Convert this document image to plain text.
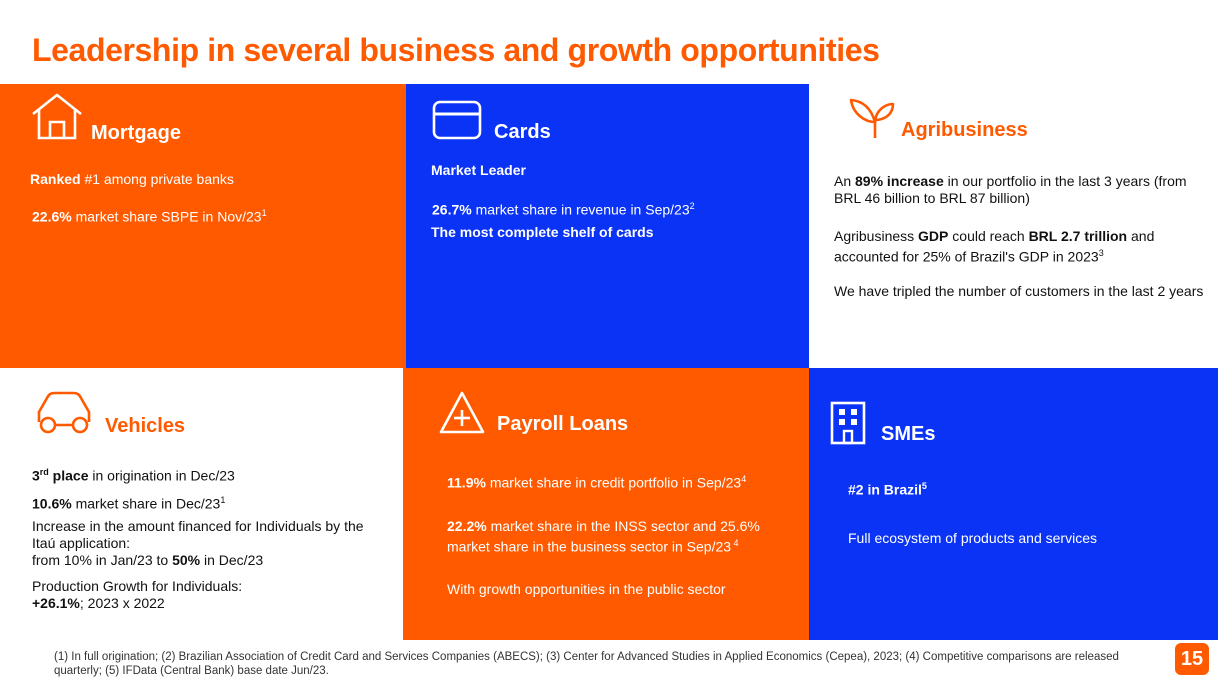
Leadership in several business and growth opportunities
Mortgage

Ranked #1 among private banks

22.6% market share SBPE in Nov/$23^1$

Cards

Market Leader

26.7% market share in revenue in Sep/$23^2$

The most complete shelf of cards

Agribusiness

An 89% increase in our portfolio in the last 3 years (from BRL 46 billion to BRL 87 billion)

Agribusiness GDP could reach BRL 2.7 trillion and accounted for 25% of Brazil's GDP in 2023$^3$

We have tripled the number of customers in the last 2 years

Vehicles

3rd place in origination in Dec/23

10.6% market share in Dec/$23^1$

Increase in the amount financed for Individuals by the Itaú application:
from 10% in Jan/23 to 50% in Dec/23

Production Growth for Individuals:
+26.1%; 2023 x 2022

Payroll Loans

11.9% market share in credit portfolio in Sep/$23^4$

22.2% market share in the INSS sector and 25.6% market share in the business sector in Sep/23 $^4$

With growth opportunities in the public sector

SMEs

#2 in Brazil$^5$

Full ecosystem of products and services

(1) In full origination; (2) Brazilian Association of Credit Card and Services Companies (ABECS); (3) Center for Advanced Studies in Applied Economics (Cepea), 2023; (4) Competitive comparisons are released quarterly; (5) IFData (Central Bank) base date Jun/23.

15
